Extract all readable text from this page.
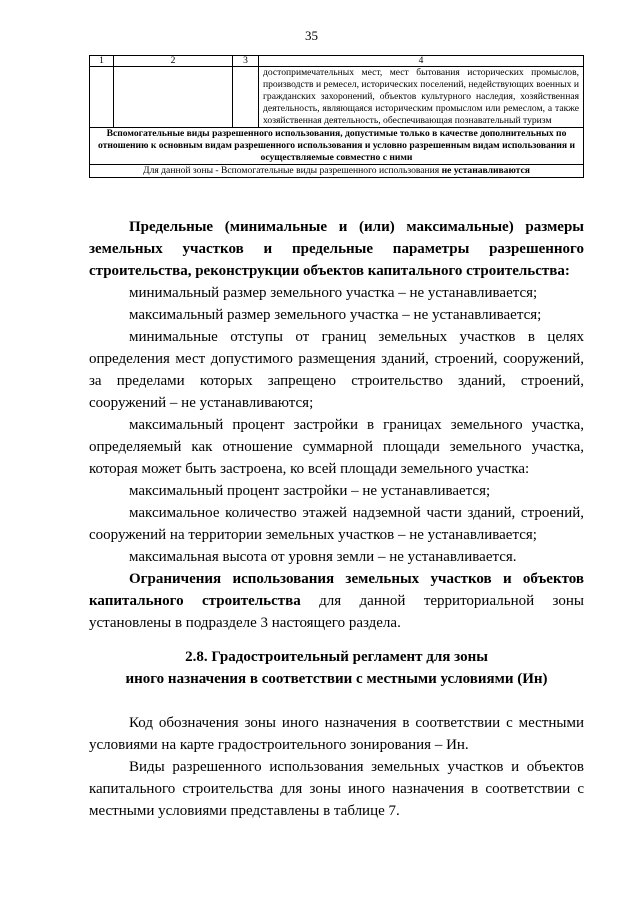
35
1	2	3	4
			достопримечательных мест, мест бытования исторических промыслов, производств и ремесел, исторических поселений, недействующих военных и гражданских захоронений, объектов культурного наследия, хозяйственная деятельность, являющаяся историческим промыслом или ремеслом, а также хозяйственная деятельность, обеспечивающая познавательный туризм
Вспомогательные виды разрешенного использования, допустимые только в качестве дополнительных по отношению к основным видам разрешенного использования и условно разрешенным видам использования и осуществляемые совместно с ними			
Для данной зоны - Вспомогательные виды разрешенного использования не устанавливаются			

Предельные (минимальные и (или) максимальные) размеры земельных участков и предельные параметры разрешенного строительства, реконструкции объектов капитального строительства:

минимальный размер земельного участка – не устанавливается;

максимальный размер земельного участка – не устанавливается;

минимальные отступы от границ земельных участков в целях определения мест допустимого размещения зданий, строений, сооружений, за пределами которых запрещено строительство зданий, строений, сооружений – не устанавливаются;

максимальный процент застройки в границах земельного участка, определяемый как отношение суммарной площади земельного участка, которая может быть застроена, ко всей площади земельного участка:

максимальный процент застройки – не устанавливается;

максимальное количество этажей надземной части зданий, строений, сооружений на территории земельных участков – не устанавливается;

максимальная высота от уровня земли – не устанавливается.

Ограничения использования земельных участков и объектов капитального строительства для данной территориальной зоны установлены в подразделе 3 настоящего раздела.

2.8. Градостроительный регламент для зоны

иного назначения в соответствии с местными условиями (Ин)

Код обозначения зоны иного назначения в соответствии с местными условиями на карте градостроительного зонирования – Ин.

Виды разрешенного использования земельных участков и объектов капитального строительства для зоны иного назначения в соответствии с местными условиями представлены в таблице 7.
